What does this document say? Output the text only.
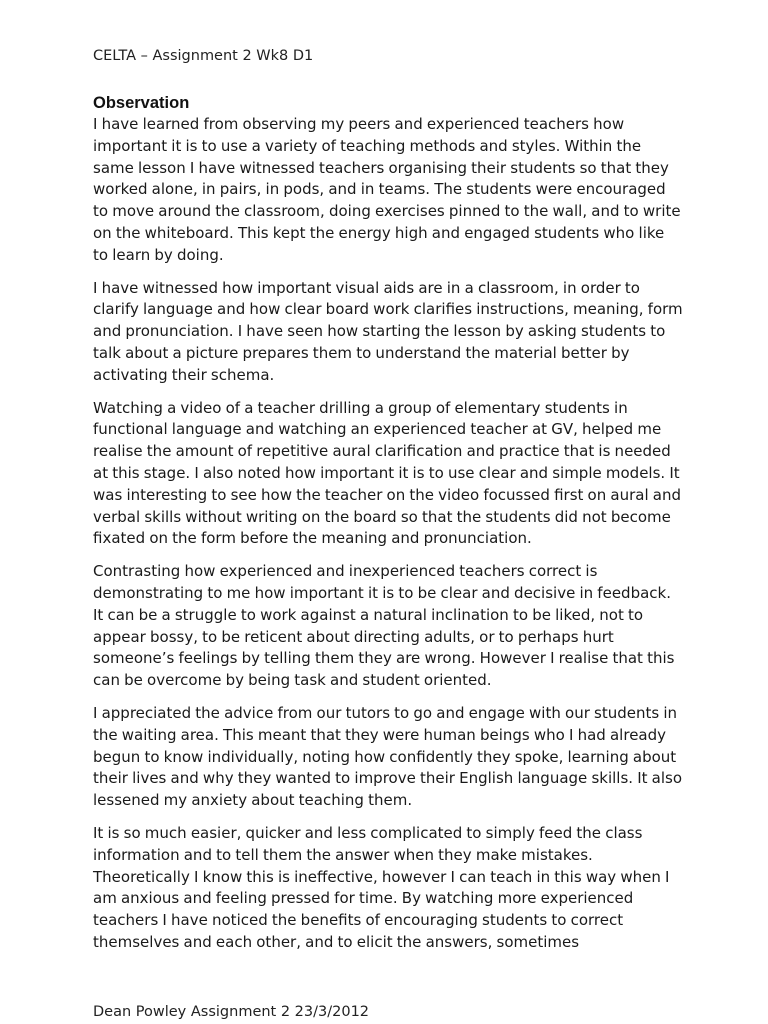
CELTA – Assignment 2 Wk8 D1
Observation

I have learned from observing my peers and experienced teachers how important it is to use a variety of teaching methods and styles. Within the same lesson I have witnessed teachers organising their students so that they worked alone, in pairs, in pods, and in teams. The students were encouraged to move around the classroom, doing exercises pinned to the wall, and to write on the whiteboard. This kept the energy high and engaged students who like to learn by doing.

I have witnessed how important visual aids are in a classroom, in order to clarify language and how clear board work clarifies instructions, meaning, form and pronunciation. I have seen how starting the lesson by asking students to talk about a picture prepares them to understand the material better by activating their schema.

Watching a video of a teacher drilling a group of elementary students in functional language and watching an experienced teacher at GV, helped me realise the amount of repetitive aural clarification and practice that is needed at this stage. I also noted how important it is to use clear and simple models. It was interesting to see how the teacher on the video focussed first on aural and verbal skills without writing on the board so that the students did not become fixated on the form before the meaning and pronunciation.

Contrasting how experienced and inexperienced teachers correct is demonstrating to me how important it is to be clear and decisive in feedback. It can be a struggle to work against a natural inclination to be liked, not to appear bossy, to be reticent about directing adults, or to perhaps hurt someone’s feelings by telling them they are wrong. However I realise that this can be overcome by being task and student oriented.

I appreciated the advice from our tutors to go and engage with our students in the waiting area. This meant that they were human beings who I had already begun to know individually, noting how confidently they spoke, learning about their lives and why they wanted to improve their English language skills. It also lessened my anxiety about teaching them.

It is so much easier, quicker and less complicated to simply feed the class information and to tell them the answer when they make mistakes. Theoretically I know this is ineffective, however I can teach in this way when I am anxious and feeling pressed for time. By watching more experienced teachers I have noticed the benefits of encouraging students to correct themselves and each other, and to elicit the answers, sometimes

Dean Powley Assignment 2 23/3/2012
